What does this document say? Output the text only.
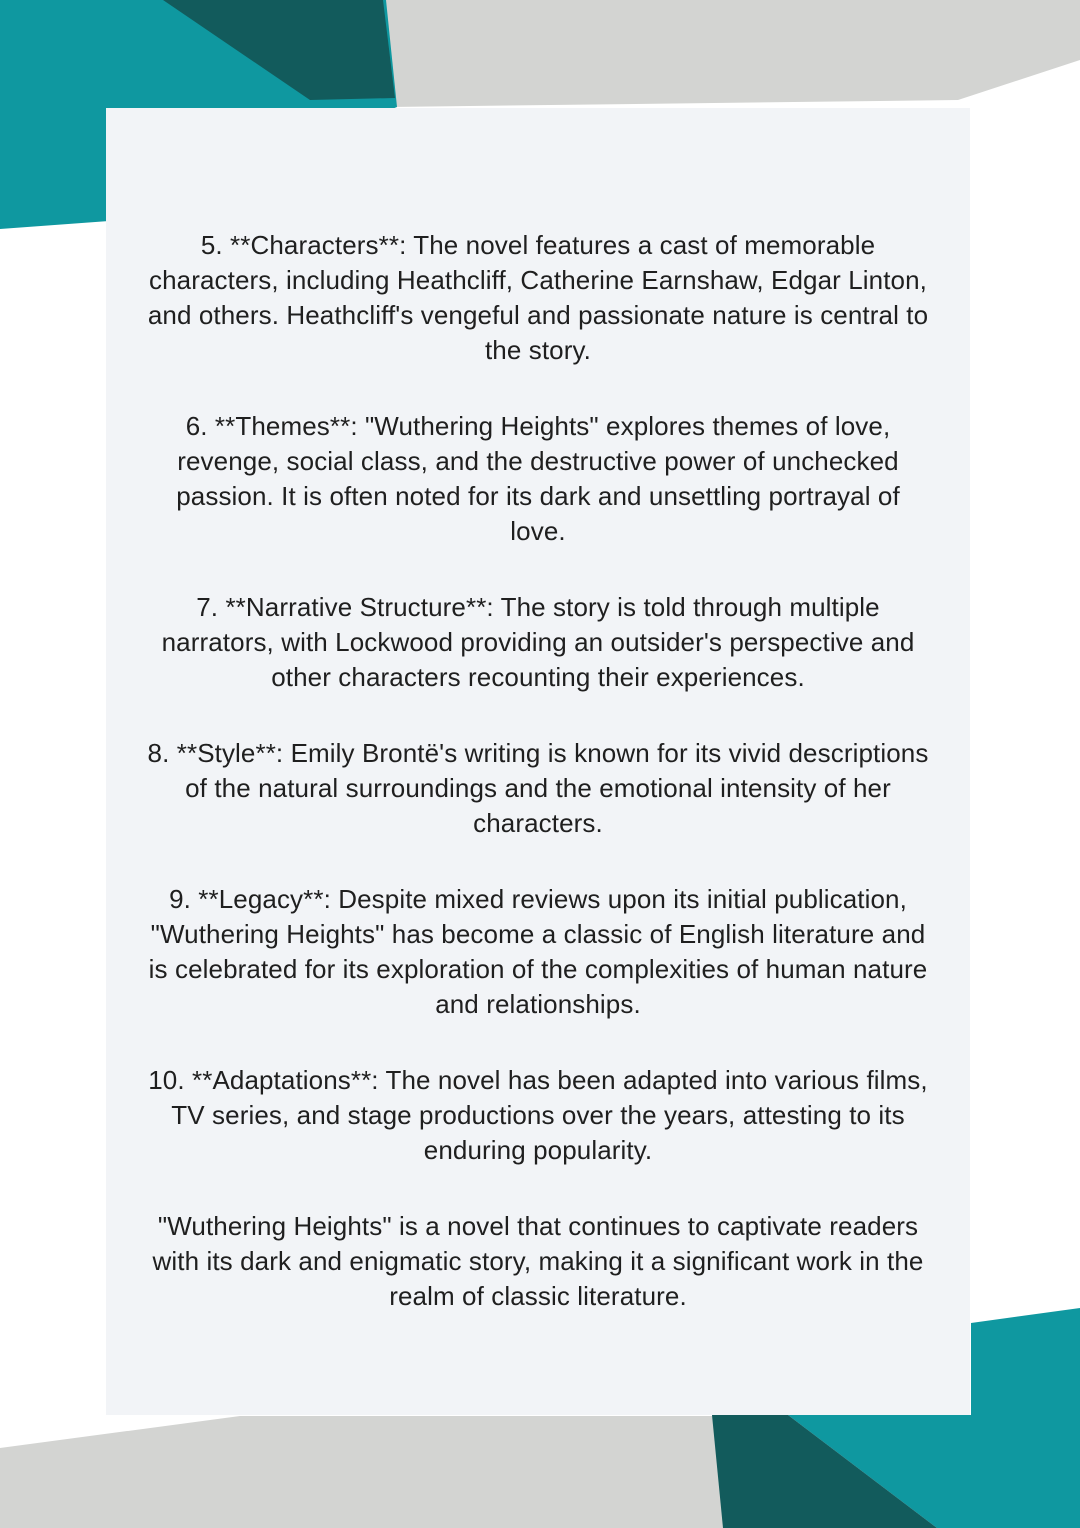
5. **Characters**: The novel features a cast of memorable characters, including Heathcliff, Catherine Earnshaw, Edgar Linton, and others. Heathcliff's vengeful and passionate nature is central to the story.

6. **Themes**: "Wuthering Heights" explores themes of love, revenge, social class, and the destructive power of unchecked passion. It is often noted for its dark and unsettling portrayal of love.

7. **Narrative Structure**: The story is told through multiple narrators, with Lockwood providing an outsider's perspective and other characters recounting their experiences.

8. **Style**: Emily Brontë's writing is known for its vivid descriptions of the natural surroundings and the emotional intensity of her characters.

9. **Legacy**: Despite mixed reviews upon its initial publication, "Wuthering Heights" has become a classic of English literature and is celebrated for its exploration of the complexities of human nature and relationships.

10. **Adaptations**: The novel has been adapted into various films, TV series, and stage productions over the years, attesting to its enduring popularity.

"Wuthering Heights" is a novel that continues to captivate readers with its dark and enigmatic story, making it a significant work in the realm of classic literature.
